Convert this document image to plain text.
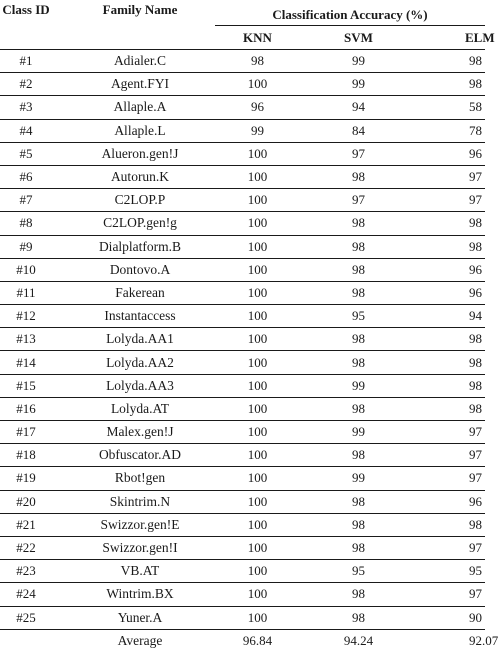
Class ID	Family Name	Classification Accuracy (%)		
		KNN	SVM	ELM
#1	Adialer.C	98	99	98
#2	Agent.FYI	100	99	98
#3	Allaple.A	96	94	58
#4	Allaple.L	99	84	78
#5	Alueron.gen!J	100	97	96
#6	Autorun.K	100	98	97
#7	C2LOP.P	100	97	97
#8	C2LOP.gen!g	100	98	98
#9	Dialplatform.B	100	98	98
#10	Dontovo.A	100	98	96
#11	Fakerean	100	98	96
#12	Instantaccess	100	95	94
#13	Lolyda.AA1	100	98	98
#14	Lolyda.AA2	100	98	98
#15	Lolyda.AA3	100	99	98
#16	Lolyda.AT	100	98	98
#17	Malex.gen!J	100	99	97
#18	Obfuscator.AD	100	98	97
#19	Rbot!gen	100	99	97
#20	Skintrim.N	100	98	96
#21	Swizzor.gen!E	100	98	98
#22	Swizzor.gen!I	100	98	97
#23	VB.AT	100	95	95
#24	Wintrim.BX	100	98	97
#25	Yuner.A	100	98	90
	Average	96.84	94.24	92.07
